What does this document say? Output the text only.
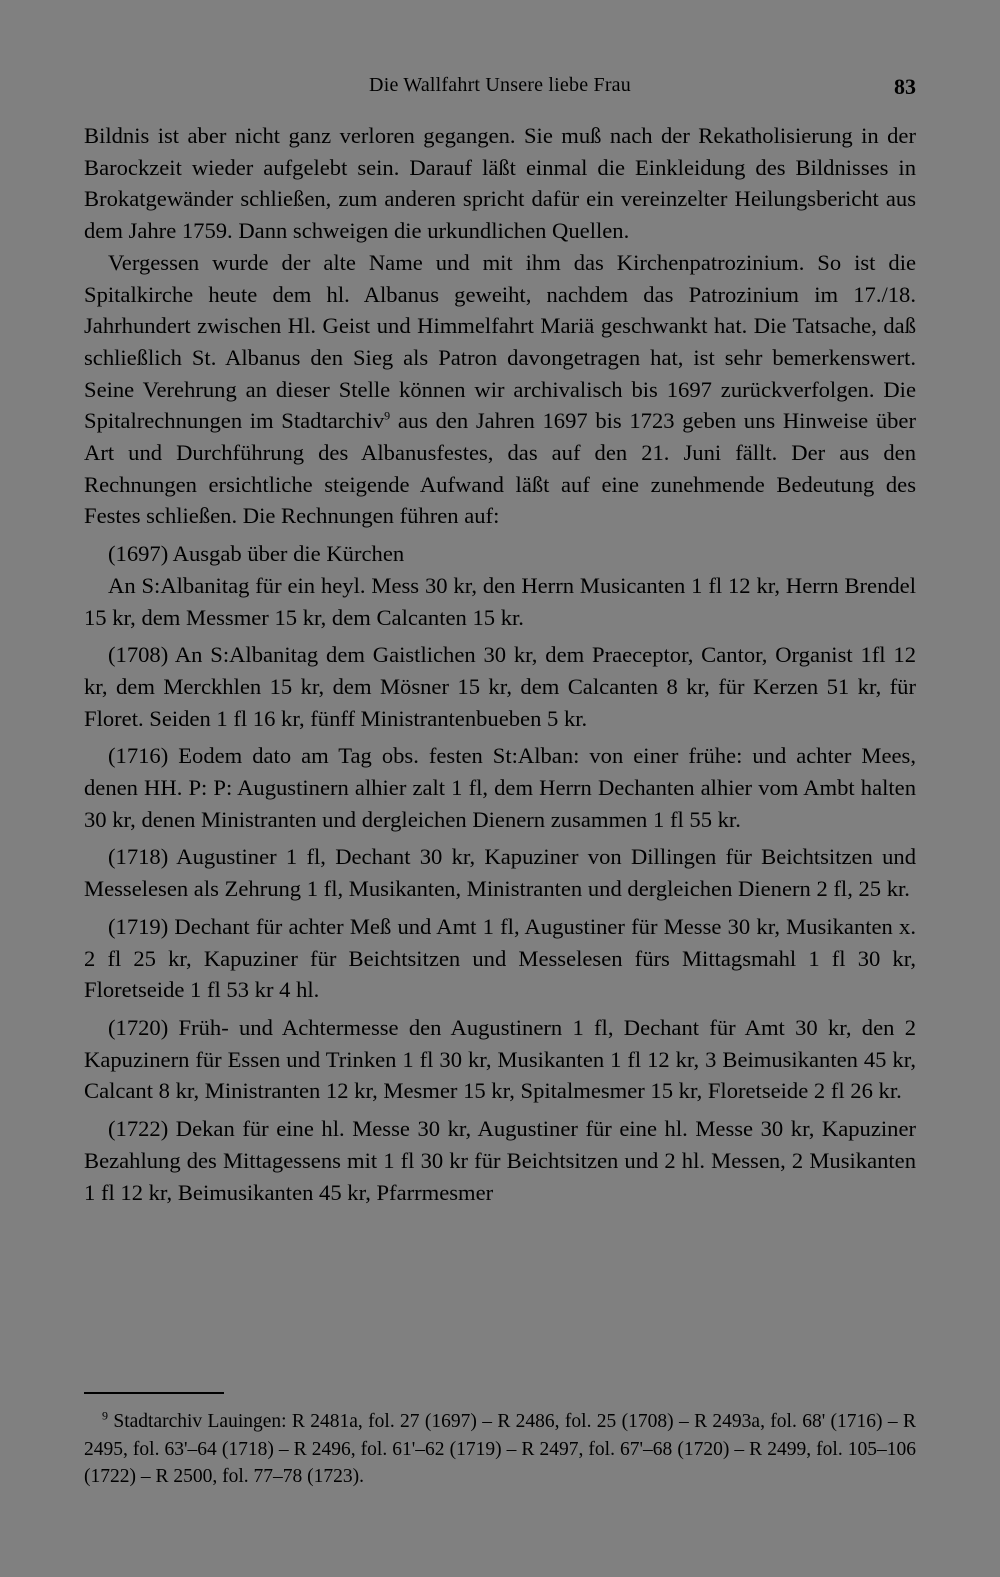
Die Wallfahrt Unsere liebe Frau	83

Bildnis ist aber nicht ganz verloren gegangen. Sie muß nach der Rekatholisierung in der Barockzeit wieder aufgelebt sein. Darauf läßt einmal die Einkleidung des Bildnisses in Brokatgewänder schließen, zum anderen spricht dafür ein vereinzelter Heilungsbericht aus dem Jahre 1759. Dann schweigen die urkundlichen Quellen.

Vergessen wurde der alte Name und mit ihm das Kirchenpatrozinium. So ist die Spitalkirche heute dem hl. Albanus geweiht, nachdem das Patrozinium im 17./18. Jahrhundert zwischen Hl. Geist und Himmelfahrt Mariä geschwankt hat. Die Tatsache, daß schließlich St. Albanus den Sieg als Patron davongetragen hat, ist sehr bemerkenswert. Seine Verehrung an dieser Stelle können wir archivalisch bis 1697 zurückverfolgen. Die Spitalrechnungen im Stadtarchiv$^9$ aus den Jahren 1697 bis 1723 geben uns Hinweise über Art und Durchführung des Albanusfestes, das auf den 21. Juni fällt. Der aus den Rechnungen ersichtliche steigende Aufwand läßt auf eine zunehmende Bedeutung des Festes schließen. Die Rechnungen führen auf:

(1697) Ausgab über die Kürchen

An S:Albanitag für ein heyl. Mess 30 kr, den Herrn Musicanten 1 fl 12 kr, Herrn Brendel 15 kr, dem Messmer 15 kr, dem Calcanten 15 kr.

(1708) An S:Albanitag dem Gaistlichen 30 kr, dem Praeceptor, Cantor, Organist 1fl 12 kr, dem Merckhlen 15 kr, dem Mösner 15 kr, dem Calcanten 8 kr, für Kerzen 51 kr, für Floret. Seiden 1 fl 16 kr, fünff Ministrantenbueben 5 kr.

(1716) Eodem dato am Tag obs. festen St:Alban: von einer frühe: und achter Mees, denen HH. P: P: Augustinern alhier zalt 1 fl, dem Herrn Dechanten alhier vom Ambt halten 30 kr, denen Ministranten und dergleichen Dienern zusammen 1 fl 55 kr.

(1718) Augustiner 1 fl, Dechant 30 kr, Kapuziner von Dillingen für Beichtsitzen und Messelesen als Zehrung 1 fl, Musikanten, Ministranten und dergleichen Dienern 2 fl, 25 kr.

(1719) Dechant für achter Meß und Amt 1 fl, Augustiner für Messe 30 kr, Musikanten x. 2 fl 25 kr, Kapuziner für Beichtsitzen und Messelesen fürs Mittagsmahl 1 fl 30 kr, Floretseide 1 fl 53 kr 4 hl.

(1720) Früh- und Achtermesse den Augustinern 1 fl, Dechant für Amt 30 kr, den 2 Kapuzinern für Essen und Trinken 1 fl 30 kr, Musikanten 1 fl 12 kr, 3 Beimusikanten 45 kr, Calcant 8 kr, Ministranten 12 kr, Mesmer 15 kr, Spitalmesmer 15 kr, Floretseide 2 fl 26 kr.

(1722) Dekan für eine hl. Messe 30 kr, Augustiner für eine hl. Messe 30 kr, Kapuziner Bezahlung des Mittagessens mit 1 fl 30 kr für Beichtsitzen und 2 hl. Messen, 2 Musikanten 1 fl 12 kr, Beimusikanten 45 kr, Pfarrmesmer

$^9$ Stadtarchiv Lauingen: R 2481a, fol. 27 (1697) – R 2486, fol. 25 (1708) – R 2493a, fol. 68' (1716) – R 2495, fol. 63'–64 (1718) – R 2496, fol. 61'–62 (1719) – R 2497, fol. 67'–68 (1720) – R 2499, fol. 105–106 (1722) – R 2500, fol. 77–78 (1723).
